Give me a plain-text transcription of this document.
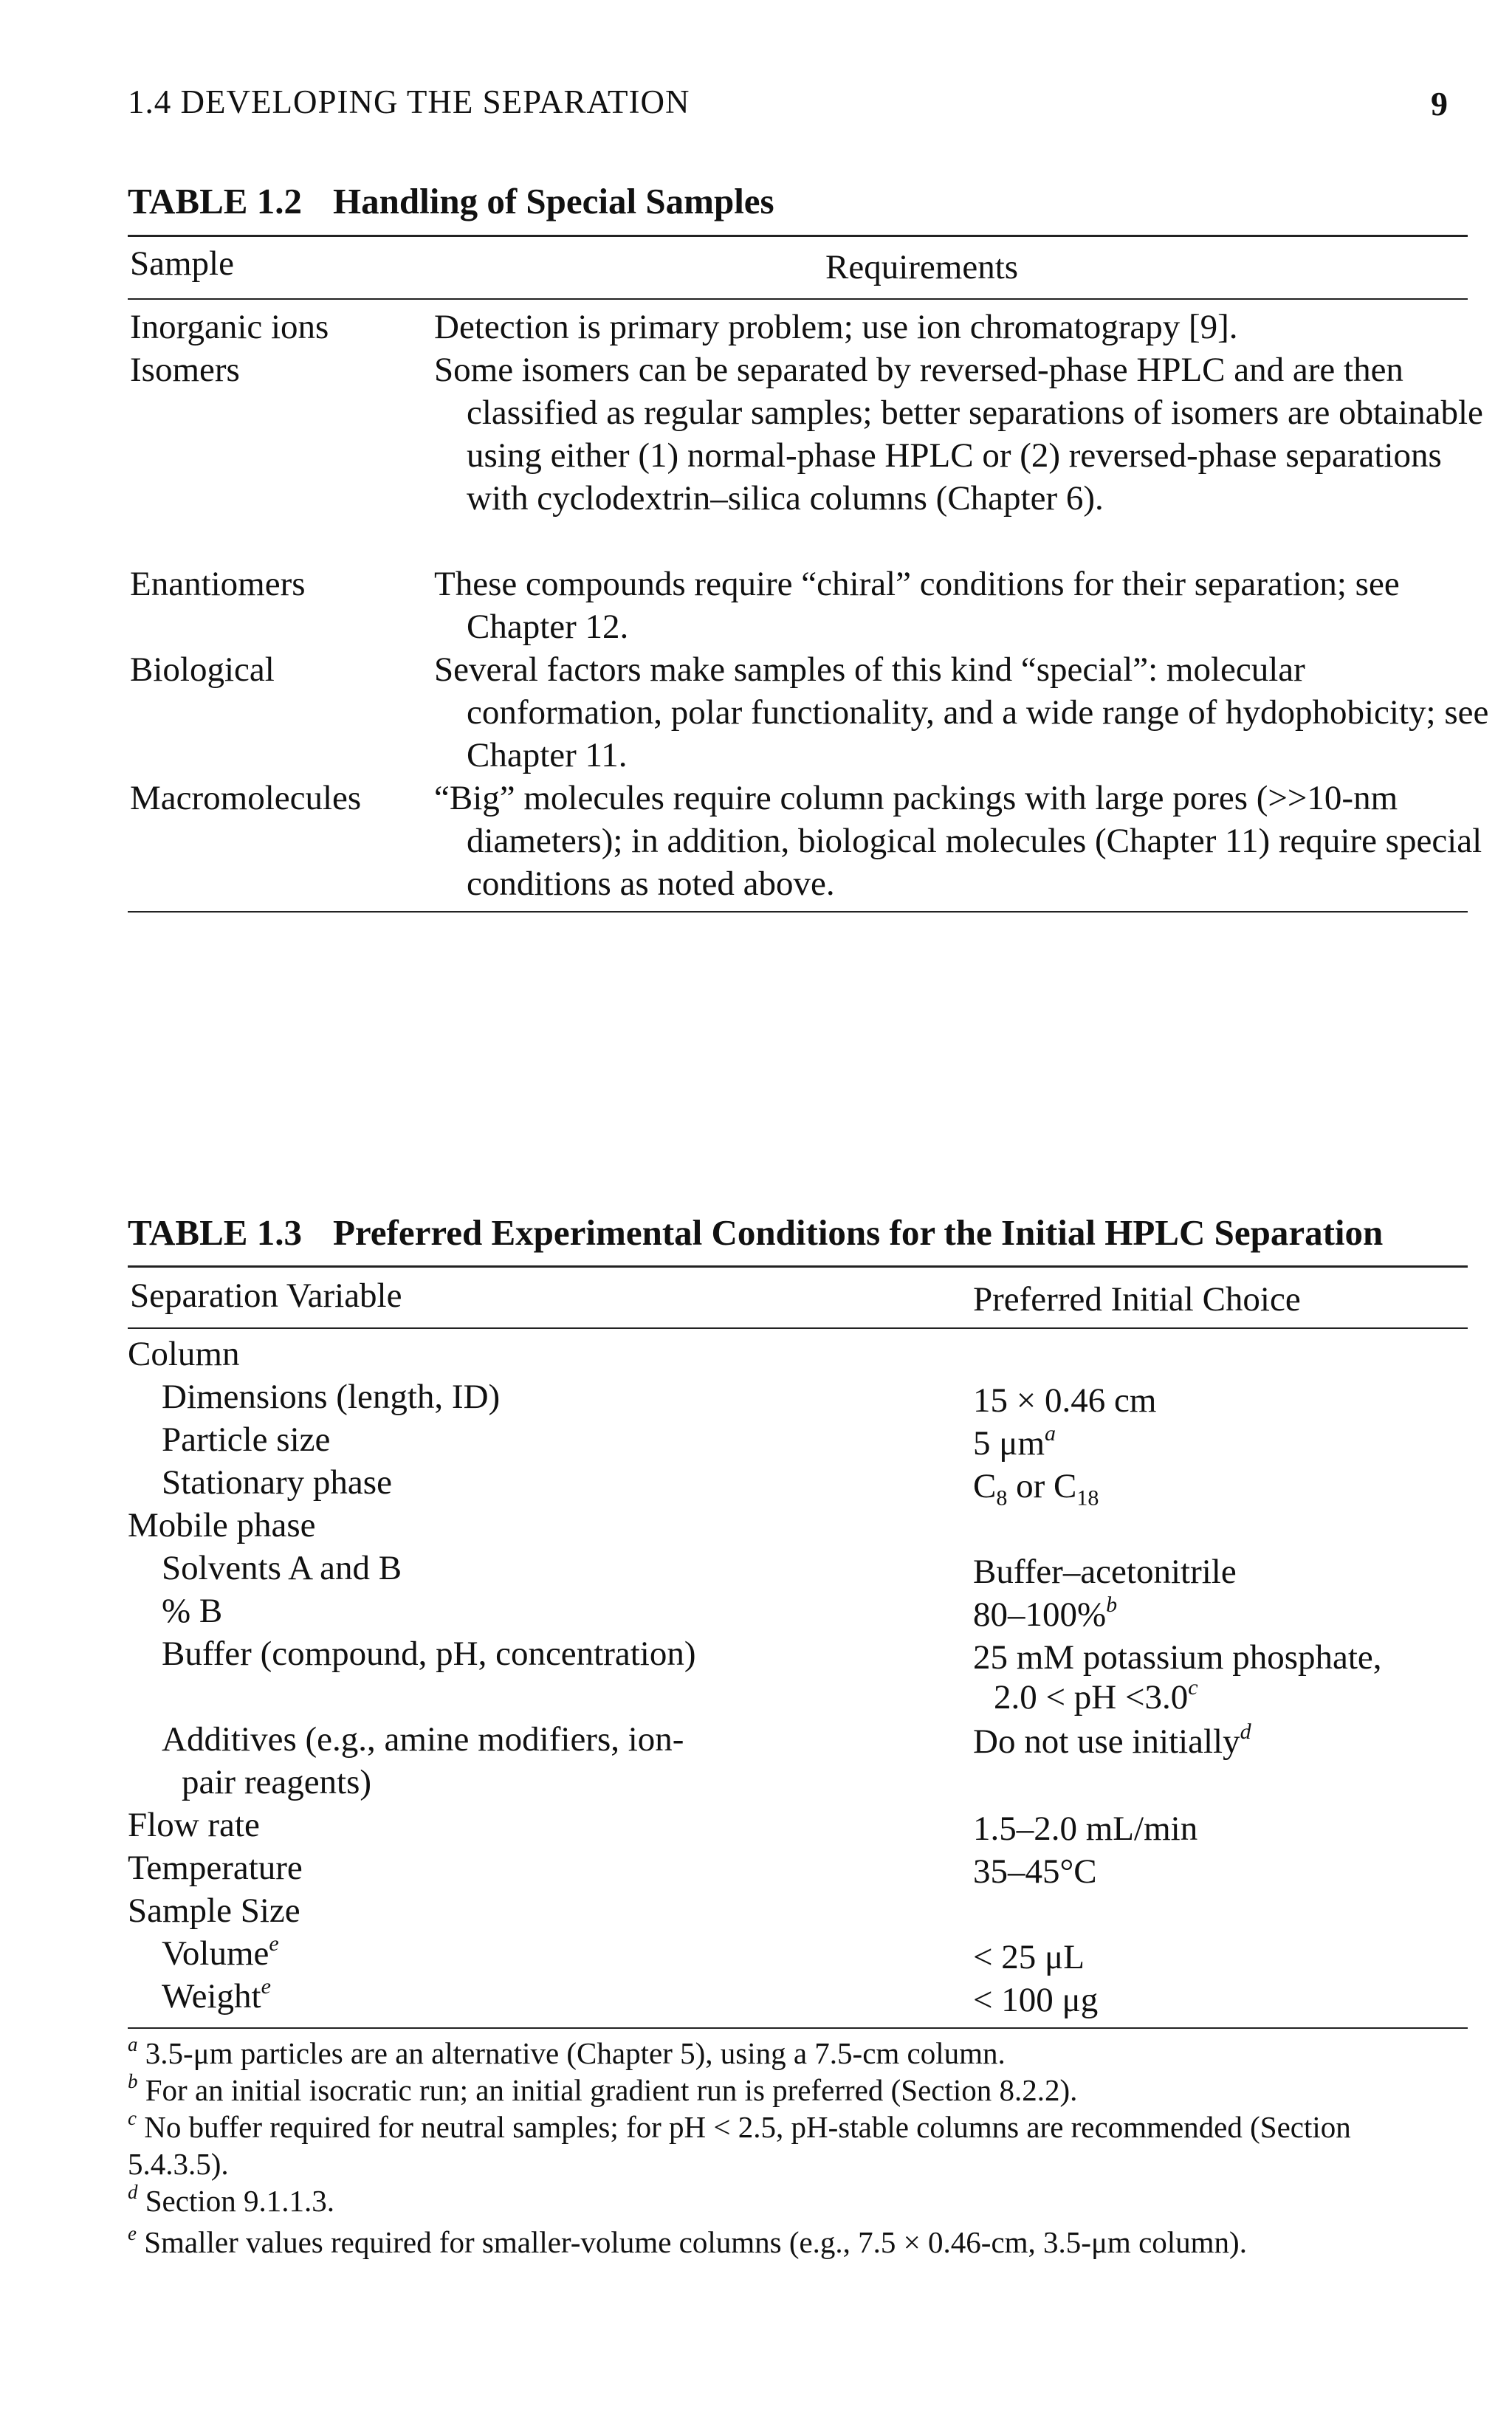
1.4 DEVELOPING THE SEPARATION	9
TABLE 1.2 Handling of Special Samples
Sample	Requirements
Inorganic ions	Detection is primary problem; use ion chromatograpy [9].
Isomers	Some isomers can be separated by reversed-phase HPLC and are then classified as regular samples; better separations of isomers are obtainable using either (1) normal-phase HPLC or (2) reversed-phase separations with cyclodextrin–silica columns (Chapter 6).
Enantiomers	These compounds require “chiral” conditions for their separation; see Chapter 12.
Biological	Several factors make samples of this kind “special”: molecular conformation, polar functionality, and a wide range of hydophobicity; see Chapter 11.
Macromolecules “Big” molecules require column packings with large pores (>>10-nm diameters); in addition, biological molecules (Chapter 11) require special conditions as noted above.
TABLE 1.3 Preferred Experimental Conditions for the Initial HPLC Separation
Separation Variable	Preferred Initial Choice
Column
Dimensions (length, ID)	15 × 0.46 cm
Particle size	5 $\mu m^a$
Stationary phase	$C_8$ or $C_{18}$
Mobile phase
Solvents A and B	Buffer–acetonitrile
% B	80–100%$^b$
Buffer (compound, pH, concentration)	25 mM potassium phosphate,
2.0 < pH <3.0$^c$
Additives (e.g., amine modifiers, ion-	Do not use initially$^d$
pair reagents)
Flow rate	1.5–2.0 mL/min
Temperature	35–45°C
Sample Size
Volume$^e$	< 25 μL
Weight$^e$	< 100 μg
$^a$ 3.5-μm particles are an alternative (Chapter 5), using a 7.5-cm column.
$^b$ For an initial isocratic run; an initial gradient run is preferred (Section 8.2.2).
$^c$ No buffer required for neutral samples; for pH < 2.5, pH-stable columns are recommended (Section 5.4.3.5).
$^d$ Section 9.1.1.3.
$^e$ Smaller values required for smaller-volume columns (e.g., 7.5 × 0.46-cm, 3.5-μm column).
